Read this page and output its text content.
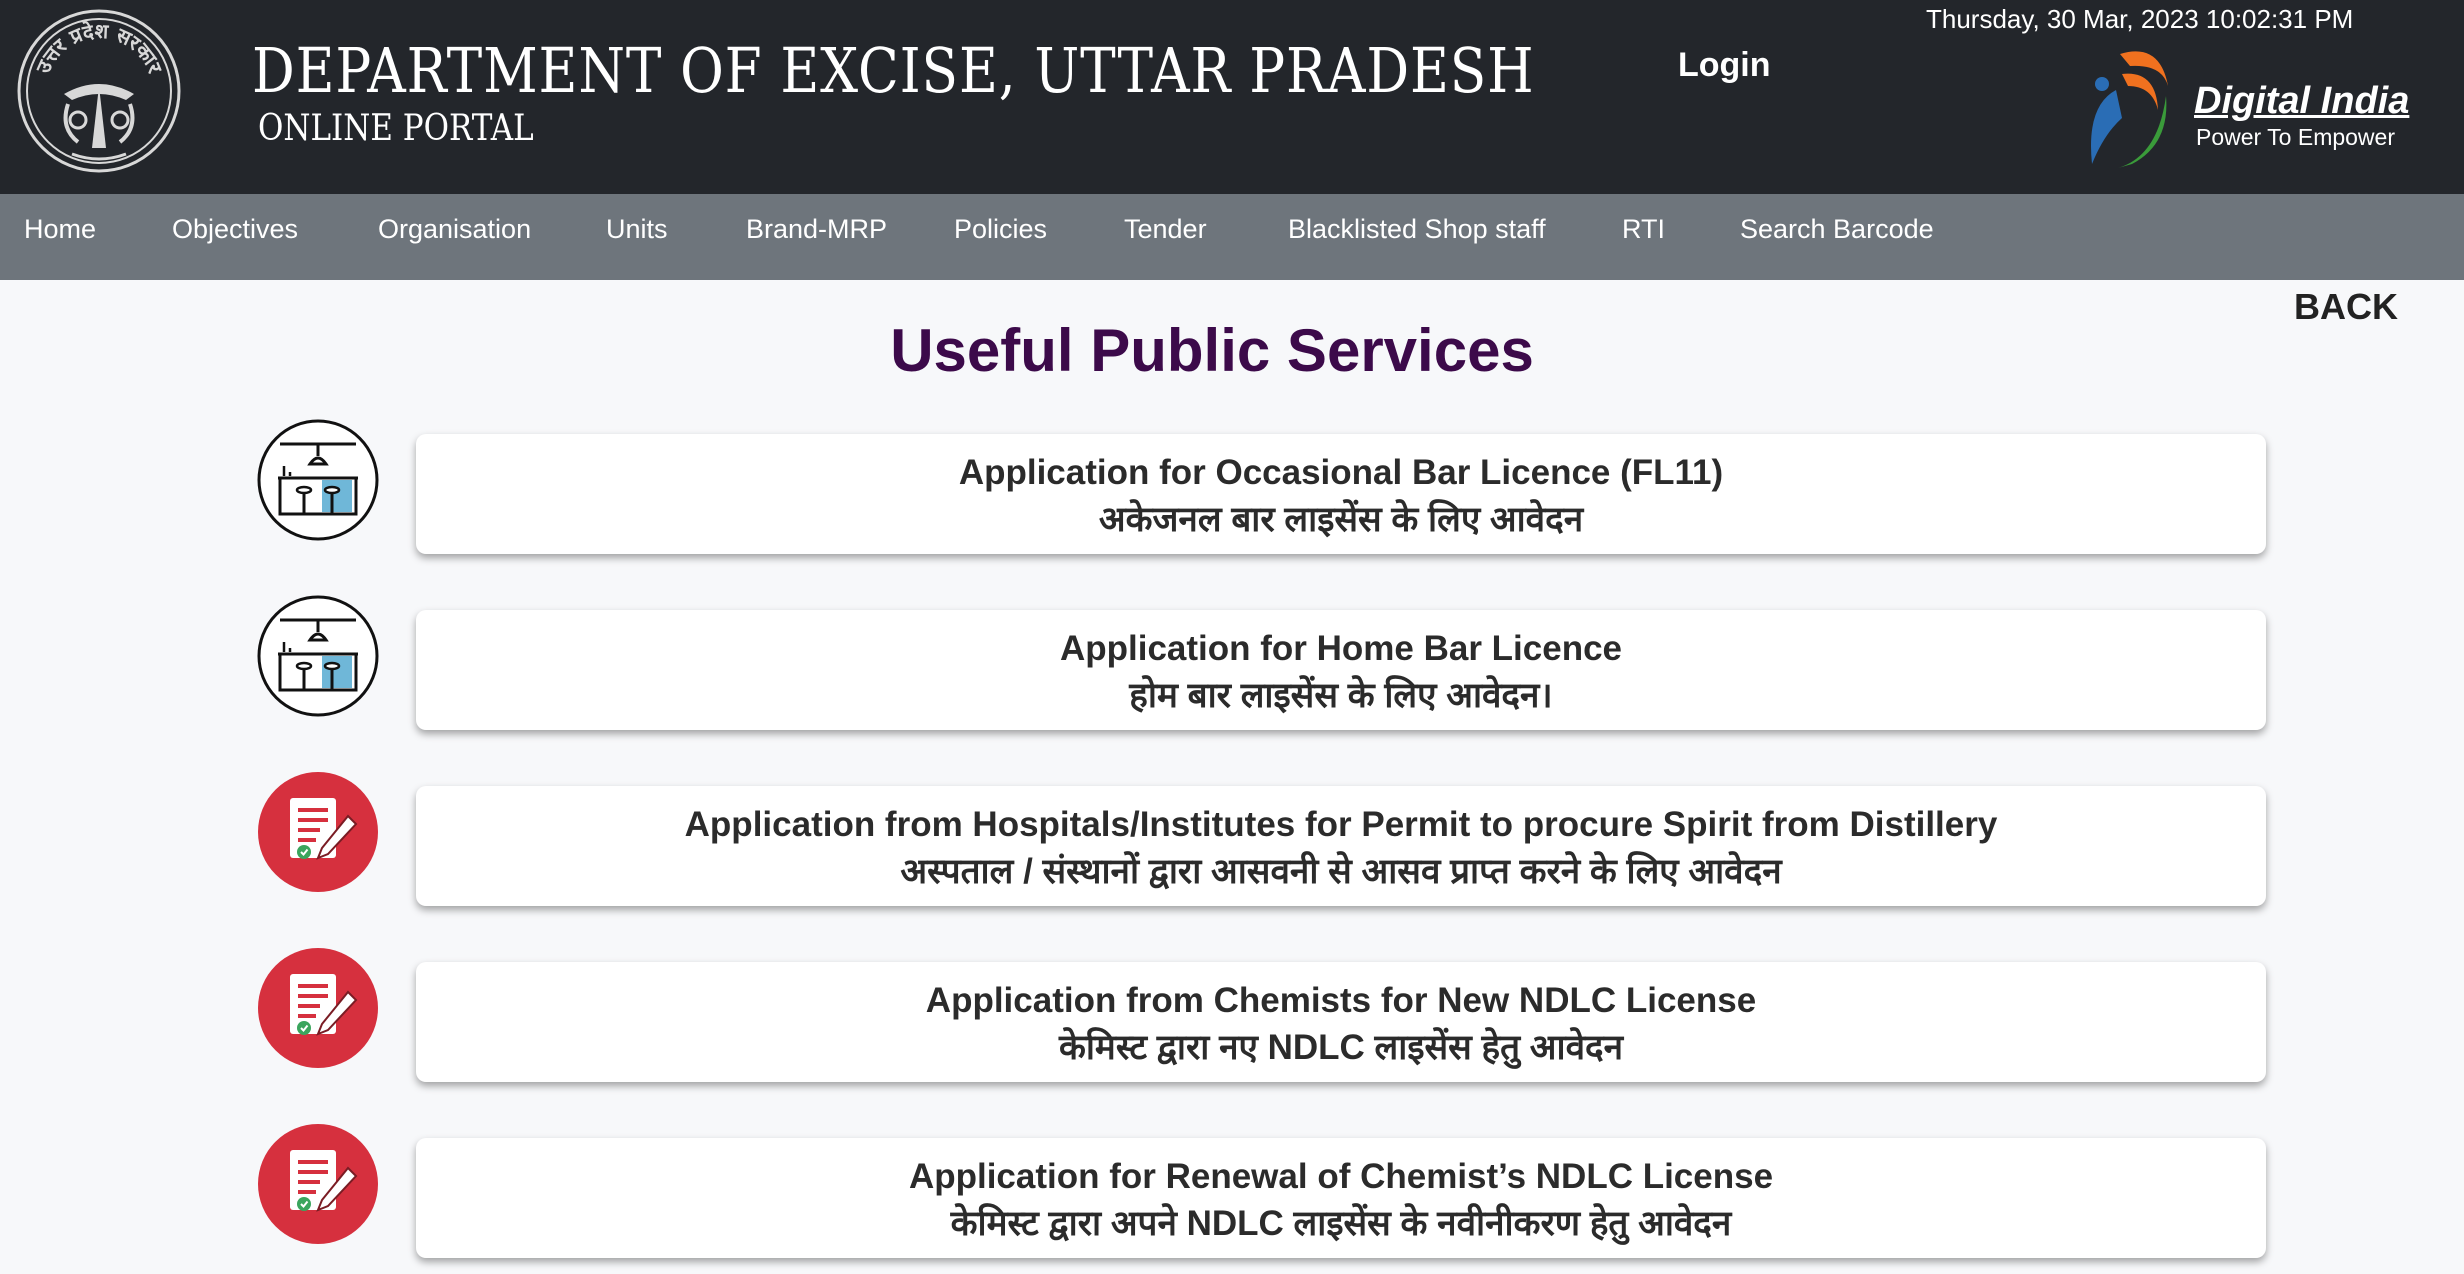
उत्तर प्रदेश सरकार DEPARTMENT OF EXCISE, UTTAR PRADESH
ONLINE PORTAL
Login
Thursday, 30 Mar, 2023 10:02:31 PM
Digital India
Power To Empower
Home	Objectives	Organisation	Units	Brand-MRP Policies	Tender	Blacklisted Shop staff	RTI	Search Barcode
BACK
Useful Public Services
Application for Occasional Bar Licence (FL11)
अकेजनल बार लाइसेंस के लिए आवेदन
Application for Home Bar Licence
होम बार लाइसेंस के लिए आवेदन।
Application from Hospitals/Institutes for Permit to procure Spirit from Distillery
अस्पताल / संस्थानों द्वारा आसवनी से आसव प्राप्त करने के लिए आवेदन
Application from Chemists for New NDLC License
केमिस्ट द्वारा नए NDLC लाइसेंस हेतु आवेदन
Application for Renewal of Chemist’s NDLC License
केमिस्ट द्वारा अपने NDLC लाइसेंस के नवीनीकरण हेतु आवेदन
